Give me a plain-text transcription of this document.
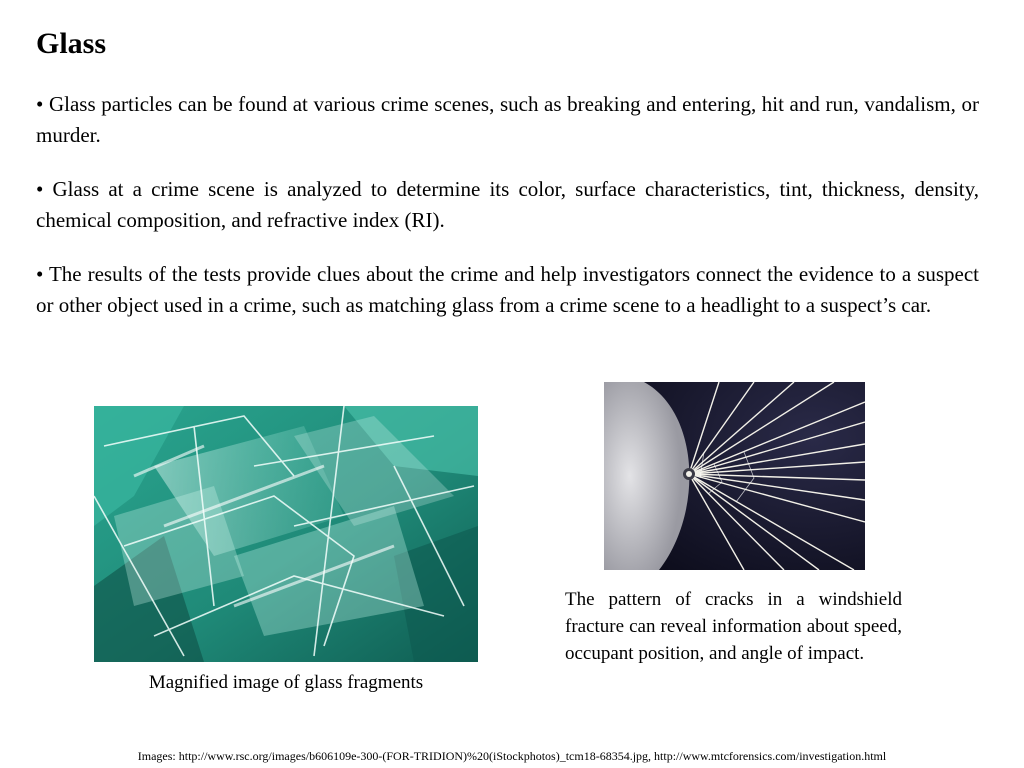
Glass

• Glass particles can be found at various crime scenes, such as breaking and entering, hit and run, vandalism, or murder.

• Glass at a crime scene is analyzed to determine its color, surface characteristics, tint, thickness, density, chemical composition, and refractive index (RI).

• The results of the tests provide clues about the crime and help investigators connect the evidence to a suspect or other object used in a crime, such as matching glass from a crime scene to a headlight to a suspect’s car.

Magnified image of glass fragments

The pattern of cracks in a windshield fracture can reveal information about speed, occupant position, and angle of impact.

Images: http://www.rsc.org/images/b606109e-300-(FOR-TRIDION)%20(iStockphotos)_tcm18-68354.jpg, http://www.mtcforensics.com/investigation.html
